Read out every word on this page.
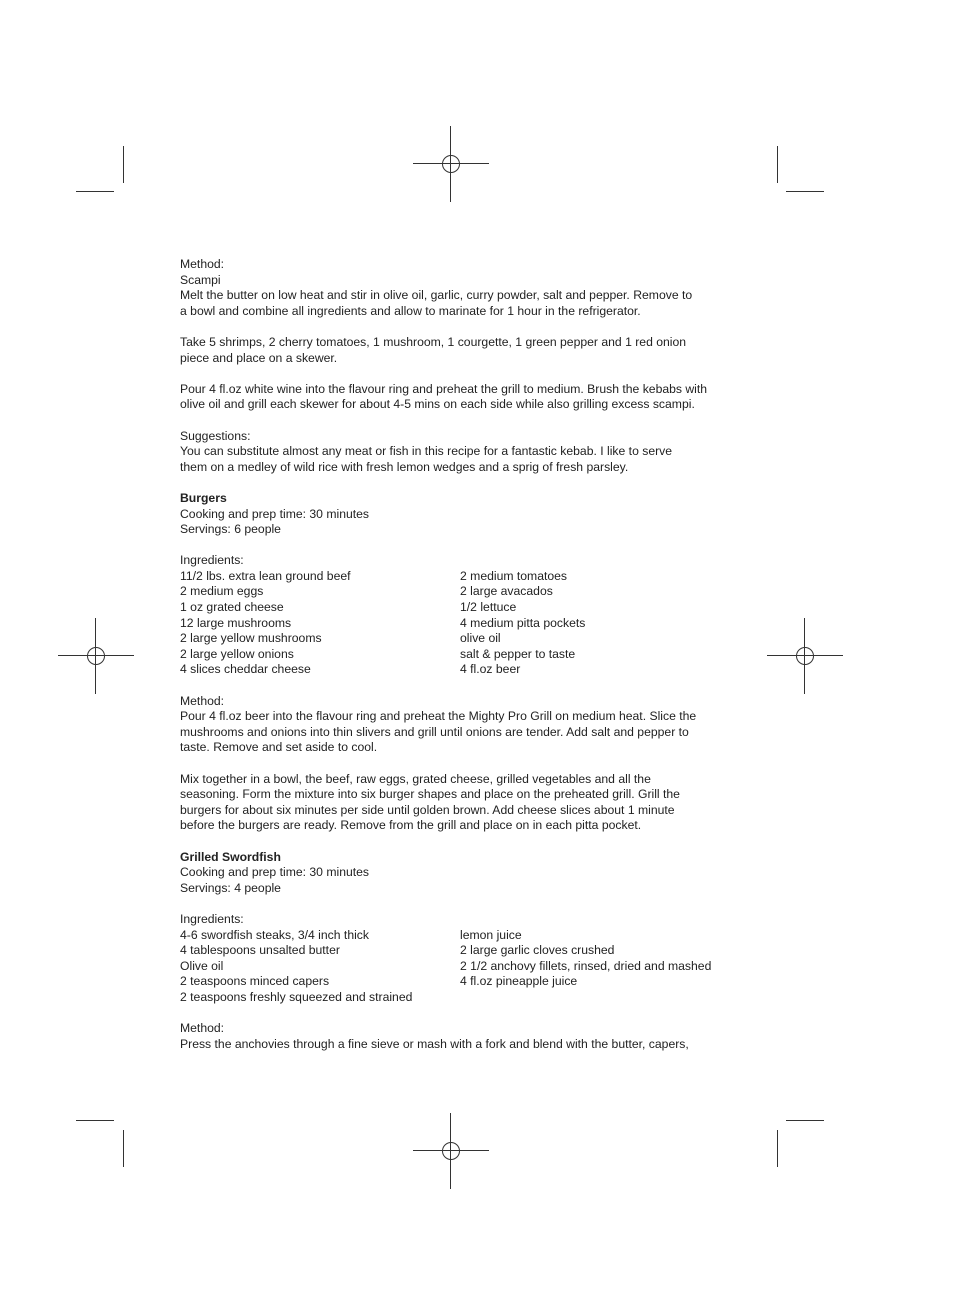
Method:
Scampi
Melt the butter on low heat and stir in olive oil, garlic, curry powder, salt and pepper. Remove to
a bowl and combine all ingredients and allow to marinate for 1 hour in the refrigerator.
Take 5 shrimps, 2 cherry tomatoes, 1 mushroom, 1 courgette, 1 green pepper and 1 red onion
piece and place on a skewer.
Pour 4 fl.oz white wine into the flavour ring and preheat the grill to medium. Brush the kebabs with
olive oil and grill each skewer for about 4-5 mins on each side while also grilling excess scampi.
Suggestions:
You can substitute almost any meat or fish in this recipe for a fantastic kebab. I like to serve
them on a medley of wild rice with fresh lemon wedges and a sprig of fresh parsley.
Burgers
Cooking and prep time: 30 minutes
Servings: 6 people
Ingredients:
11/2 lbs. extra lean ground beef
2 medium eggs
1 oz grated cheese
12 large mushrooms
2 large yellow mushrooms
2 large yellow onions
4 slices cheddar cheese
2 medium tomatoes
2 large avacados
1/2 lettuce
4 medium pitta pockets
olive oil
salt & pepper to taste
4 fl.oz beer
Method:
Pour 4 fl.oz beer into the flavour ring and preheat the Mighty Pro Grill on medium heat. Slice the
mushrooms and onions into thin slivers and grill until onions are tender. Add salt and pepper to
taste. Remove and set aside to cool.
Mix together in a bowl, the beef, raw eggs, grated cheese, grilled vegetables and all the
seasoning. Form the mixture into six burger shapes and place on the preheated grill. Grill the
burgers for about six minutes per side until golden brown. Add cheese slices about 1 minute
before the burgers are ready. Remove from the grill and place on in each pitta pocket.
Grilled Swordfish
Cooking and prep time: 30 minutes
Servings: 4 people
Ingredients:
4-6 swordfish steaks, 3/4 inch thick
4 tablespoons unsalted butter
Olive oil
2 teaspoons minced capers
2 teaspoons freshly squeezed and strained
lemon juice
2 large garlic cloves crushed
2 1/2 anchovy fillets, rinsed, dried and mashed
4 fl.oz pineapple juice
Method:
Press the anchovies through a fine sieve or mash with a fork and blend with the butter, capers,
